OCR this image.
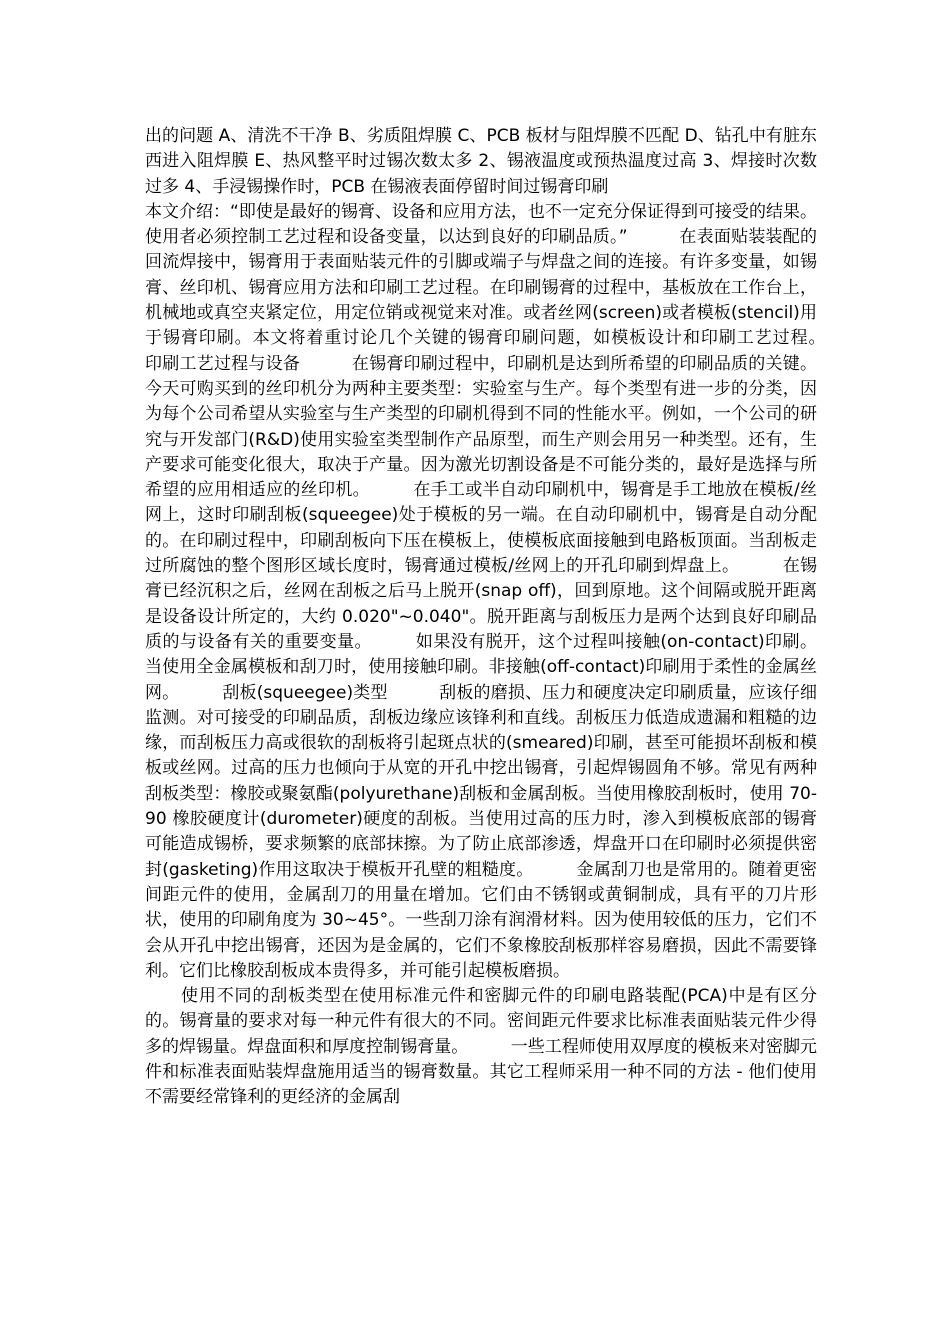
出的问题 A、清洗不干净 B、劣质阻焊膜 C、PCB 板材与阻焊膜不匹配 D、钻孔中有脏东西进入阻焊膜 E、热风整平时过锡次数太多 2、锡液温度或预热温度过高 3、焊接时次数过多 4、手浸锡操作时，PCB 在锡液表面停留时间过锡膏印刷

本文介绍：“即使是最好的锡膏、设备和应用方法，也不一定充分保证得到可接受的结果。使用者必须控制工艺过程和设备变量，以达到良好的印刷品质。”　　　在表面贴装装配的回流焊接中，锡膏用于表面贴装元件的引脚或端子与焊盘之间的连接。有许多变量，如锡膏、丝印机、锡膏应用方法和印刷工艺过程。在印刷锡膏的过程中，基板放在工作台上，机械地或真空夹紧定位，用定位销或视觉来对准。或者丝网(screen)或者模板(stencil)用于锡膏印刷。本文将着重讨论几个关键的锡膏印刷问题，如模板设计和印刷工艺过程。　　印刷工艺过程与设备　　　在锡膏印刷过程中，印刷机是达到所希望的印刷品质的关键。今天可购买到的丝印机分为两种主要类型：实验室与生产。每个类型有进一步的分类，因为每个公司希望从实验室与生产类型的印刷机得到不同的性能水平。例如，一个公司的研究与开发部门(R&D)使用实验室类型制作产品原型，而生产则会用另一种类型。还有，生产要求可能变化很大，取决于产量。因为激光切割设备是不可能分类的，最好是选择与所希望的应用相适应的丝印机。　　　在手工或半自动印刷机中，锡膏是手工地放在模板/丝网上，这时印刷刮板(squeegee)处于模板的另一端。在自动印刷机中，锡膏是自动分配的。在印刷过程中，印刷刮板向下压在模板上，使模板底面接触到电路板顶面。当刮板走过所腐蚀的整个图形区域长度时，锡膏通过模板/丝网上的开孔印刷到焊盘上。　　　在锡膏已经沉积之后，丝网在刮板之后马上脱开(snap off)，回到原地。这个间隔或脱开距离是设备设计所定的，大约 0.020"~0.040"。脱开距离与刮板压力是两个达到良好印刷品质的与设备有关的重要变量。　　　如果没有脱开，这个过程叫接触(on-contact)印刷。当使用全金属模板和刮刀时，使用接触印刷。非接触(off-contact)印刷用于柔性的金属丝网。　　　刮板(squeegee)类型　　　刮板的磨损、压力和硬度决定印刷质量，应该仔细监测。对可接受的印刷品质，刮板边缘应该锋利和直线。刮板压力低造成遗漏和粗糙的边缘，而刮板压力高或很软的刮板将引起斑点状的(smeared)印刷，甚至可能损坏刮板和模板或丝网。过高的压力也倾向于从宽的开孔中挖出锡膏，引起焊锡圆角不够。常见有两种刮板类型：橡胶或聚氨酯(polyurethane)刮板和金属刮板。当使用橡胶刮板时，使用 70-90 橡胶硬度计(durometer)硬度的刮板。当使用过高的压力时，渗入到模板底部的锡膏可能造成锡桥，要求频繁的底部抹擦。为了防止底部渗透，焊盘开口在印刷时必须提供密封(gasketing)作用这取决于模板开孔壁的粗糙度。　　　金属刮刀也是常用的。随着更密间距元件的使用，金属刮刀的用量在增加。它们由不锈钢或黄铜制成，具有平的刀片形状，使用的印刷角度为 30~45°。一些刮刀涂有润滑材料。因为使用较低的压力，它们不会从开孔中挖出锡膏，还因为是金属的，它们不象橡胶刮板那样容易磨损，因此不需要锋利。它们比橡胶刮板成本贵得多，并可能引起模板磨损。

使用不同的刮板类型在使用标准元件和密脚元件的印刷电路装配(PCA)中是有区分的。锡膏量的要求对每一种元件有很大的不同。密间距元件要求比标准表面贴装元件少得多的焊锡量。焊盘面积和厚度控制锡膏量。　　　一些工程师使用双厚度的模板来对密脚元件和标准表面贴装焊盘施用适当的锡膏数量。其它工程师采用一种不同的方法 - 他们使用不需要经常锋利的更经济的金属刮
